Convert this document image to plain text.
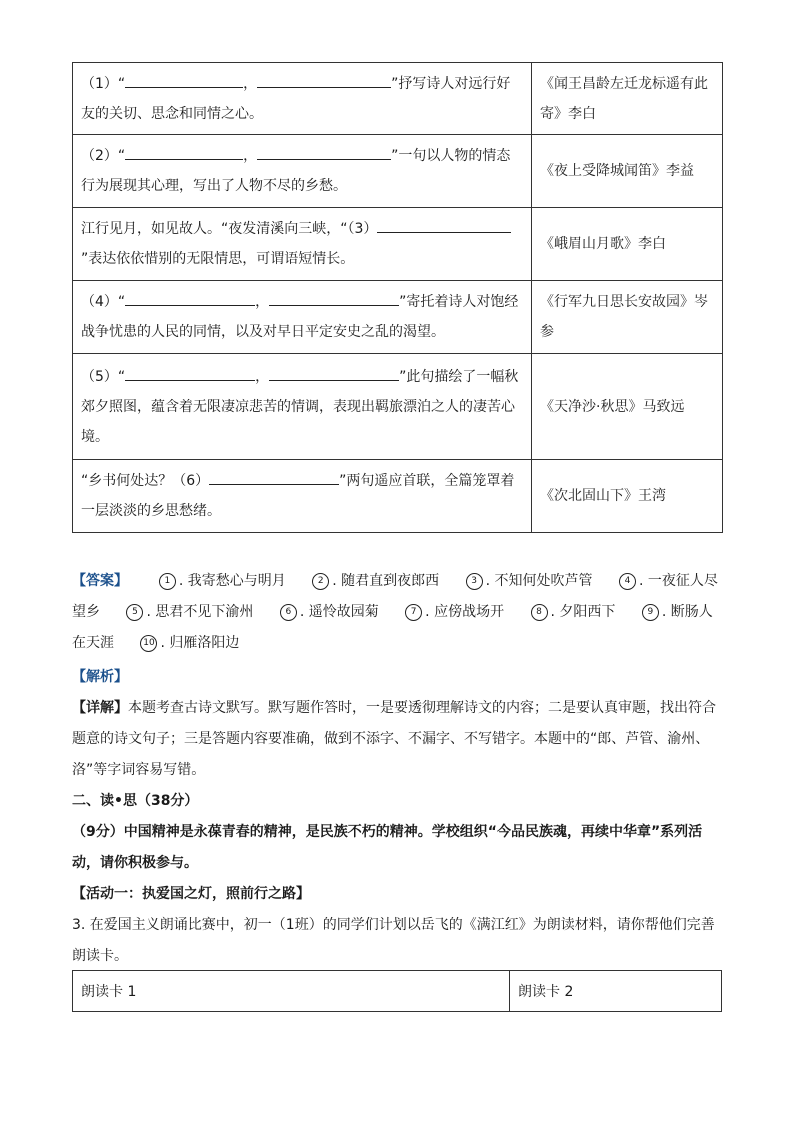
（1）“ ， ”抒写诗人对远行好友的关切、思念和同情之心。	《闻王昌龄左迁龙标遥有此寄》李白
（2）“ ， ”一句以人物的情态行为展现其心理，写出了人物不尽的乡愁。	《夜上受降城闻笛》李益
江行见月，如见故人。“夜发清溪向三峡，“（3）”表达依依惜别的无限情思，可谓语短情长。	《峨眉山月歌》李白
（4）“ ， ”寄托着诗人对饱经战争忧患的人民的同情，以及对早日平定安史之乱的渴望。	《行军九日思长安故园》岑参
（5）“ ， ”此句描绘了一幅秋郊夕照图，蕴含着无限凄凉悲苦的情调，表现出羁旅漂泊之人的凄苦心境。	《天净沙·秋思》马致远
“乡书何处达？（6） ”两句遥应首联，全篇笼罩着一层淡淡的乡思愁绪。	《次北固山下》王湾
【答案】	1 . 我寄愁心与明月	2 . 随君直到夜郎西	3 . 不知何处吹芦管	4 . 一夜征人尽望乡	5 . 思君不见下渝州	6 . 遥怜故园菊	7 . 应傍战场开	8 . 夕阳西下	9 . 断肠人在天涯	10 . 归雁洛阳边

【解析】

【详解】本题考查古诗文默写。默写题作答时，一是要透彻理解诗文的内容；二是要认真审题，找出符合题意的诗文句子；三是答题内容要准确，做到不添字、不漏字、不写错字。本题中的“郎、芦管、渝州、洛”等字词容易写错。

二、读•思（38分）

（9分）中国精神是永葆青春的精神，是民族不朽的精神。学校组织“今品民族魂，再续中华章”系列活动，请你积极参与。

【活动一：执爱国之灯，照前行之路】

3. 在爱国主义朗诵比赛中，初一（1班）的同学们计划以岳飞的《满江红》为朗读材料，请你帮他们完善朗读卡。

朗读卡 1	朗读卡 2
